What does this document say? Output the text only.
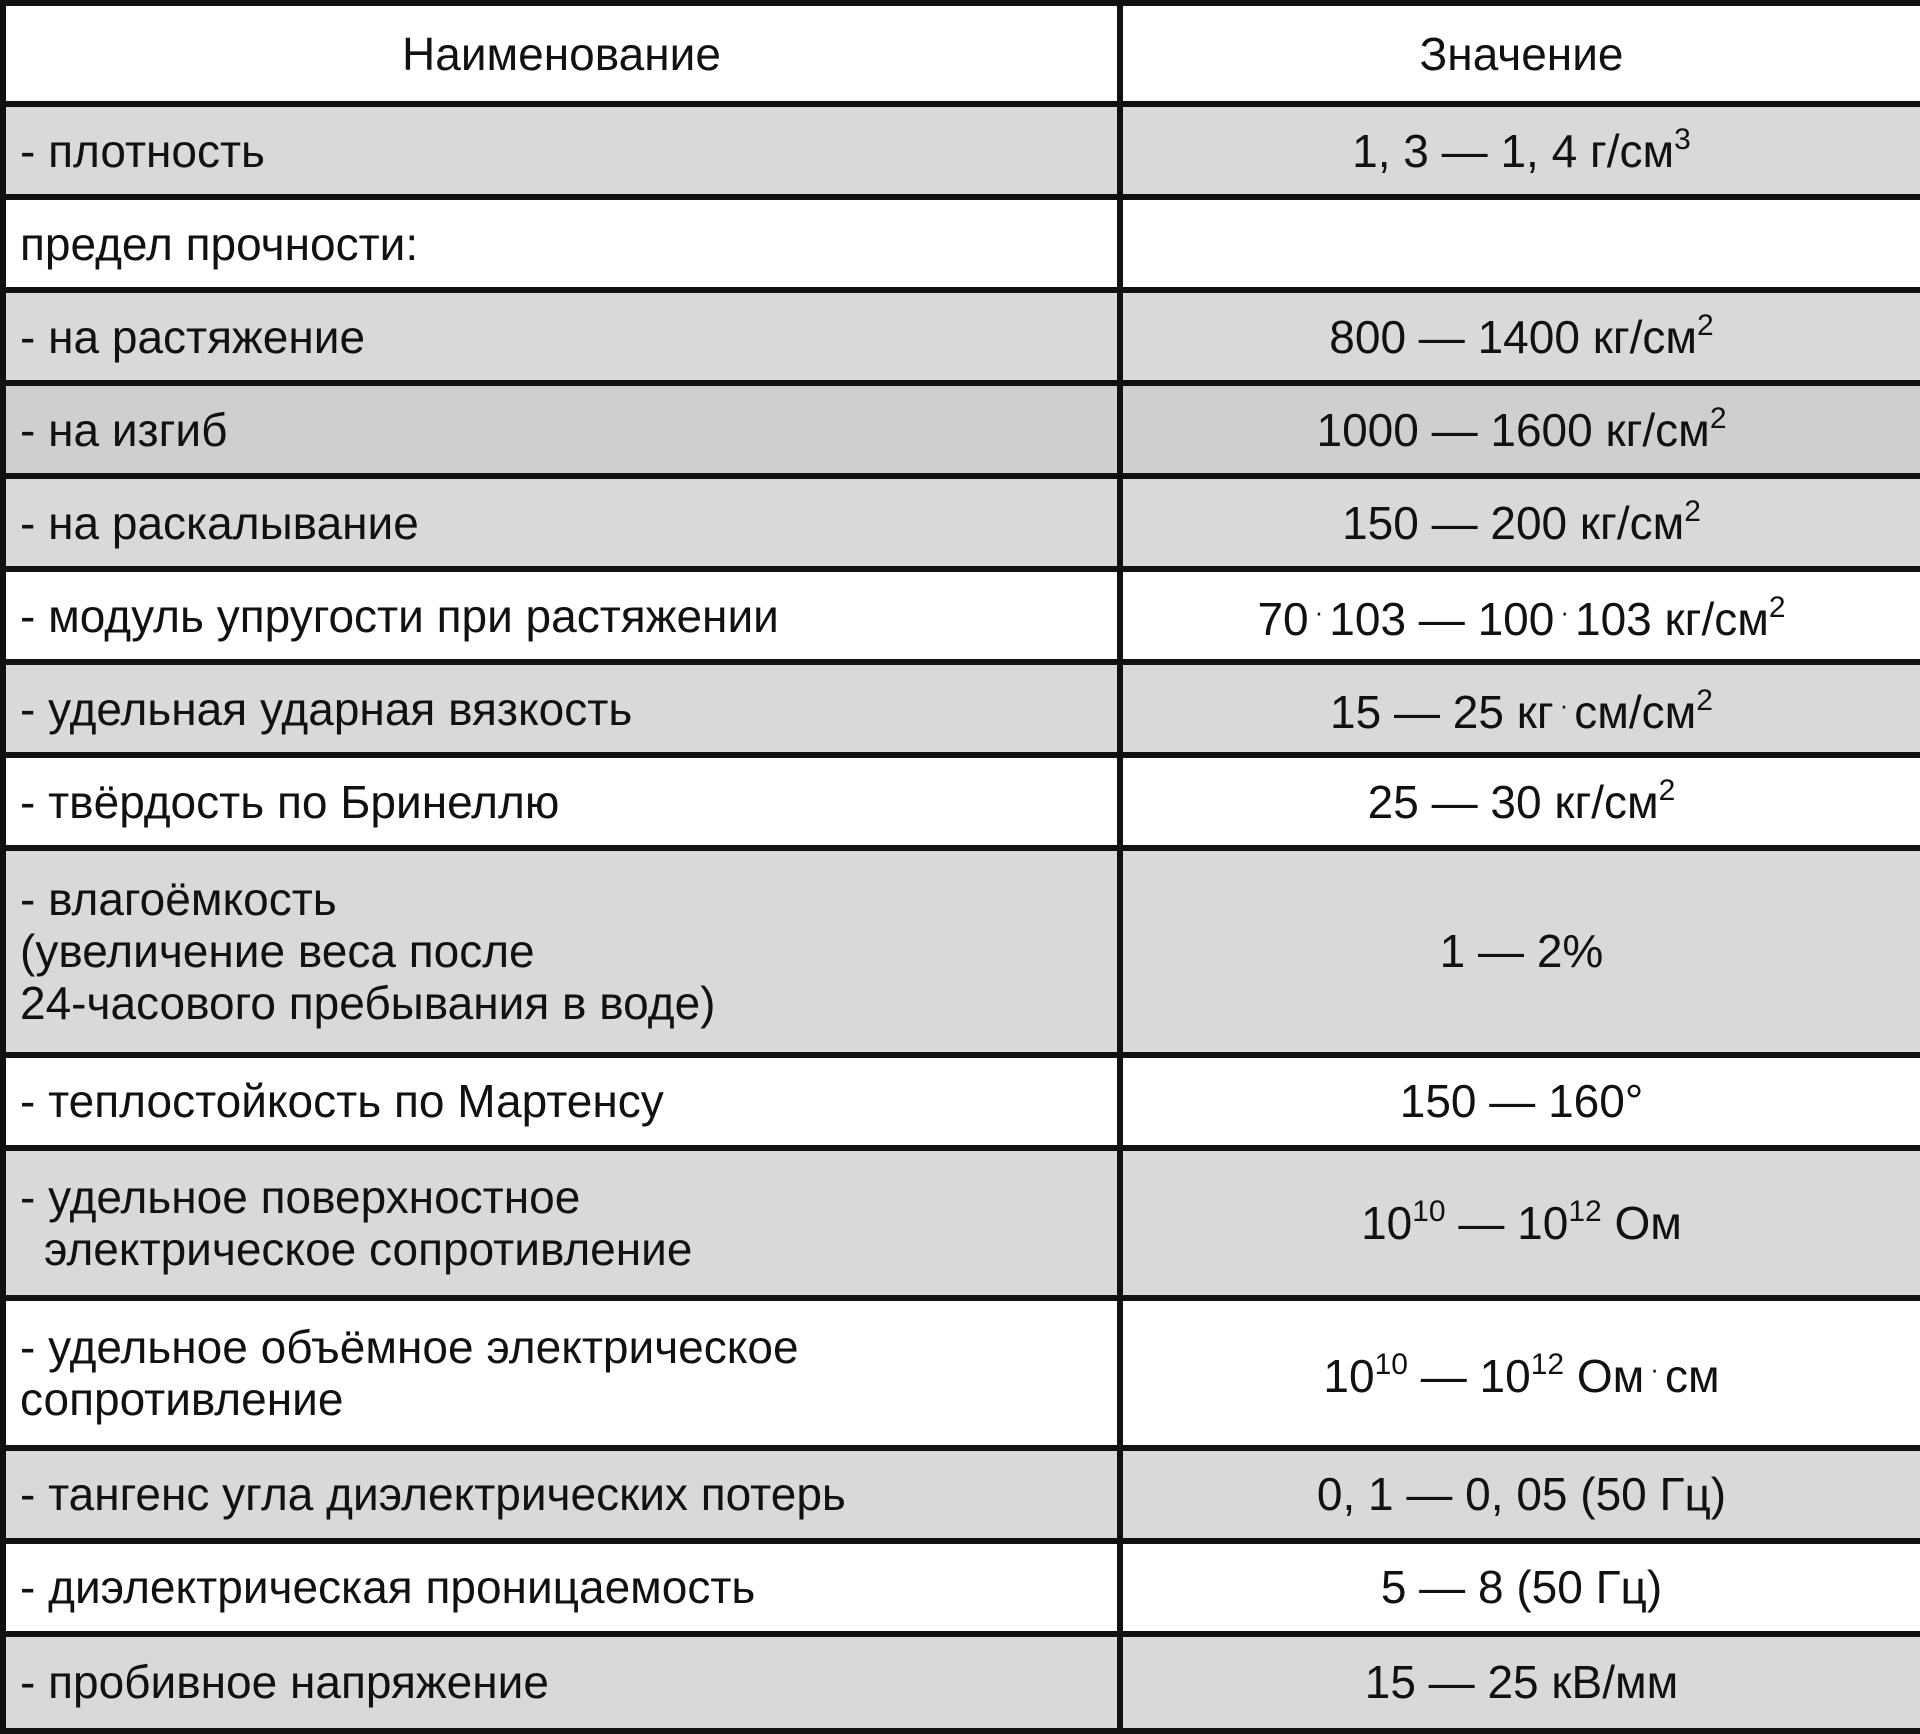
Наименование	Значение
- плотность	1, 3 — 1, 4 $г/см^3$
предел прочности:	
- на растяжение	800 — 1400 $кг/см^2$
- на изгиб	1000 — 1600 $кг/см^2$
- на раскалывание	150 — 200 $кг/см^2$
- модуль упругости при растяжении	70 · 103 — 100 · 103 $кг/см^2$
- удельная ударная вязкость	15 — 25 кг · $см/см^2$
- твёрдость по Бринеллю	25 — 30 $кг/см^2$

- влагоёмкость
(увеличение веса после
24-часового пребывания в воде)	1 — 2%
- теплостойкость по Мартенсу	150 — 160°

- удельное поверхностное
электрическое сопротивление	$10^{10}$ — $10^{12}$ Ом

- удельное объёмное электрическое
сопротивление	$10^{10}$ — $10^{12}$ Ом · см
- тангенс угла диэлектрических потерь	0, 1 — 0, 05 (50 Гц)
- диэлектрическая проницаемость	5 — 8 (50 Гц)
- пробивное напряжение	15 — 25 кВ/мм
